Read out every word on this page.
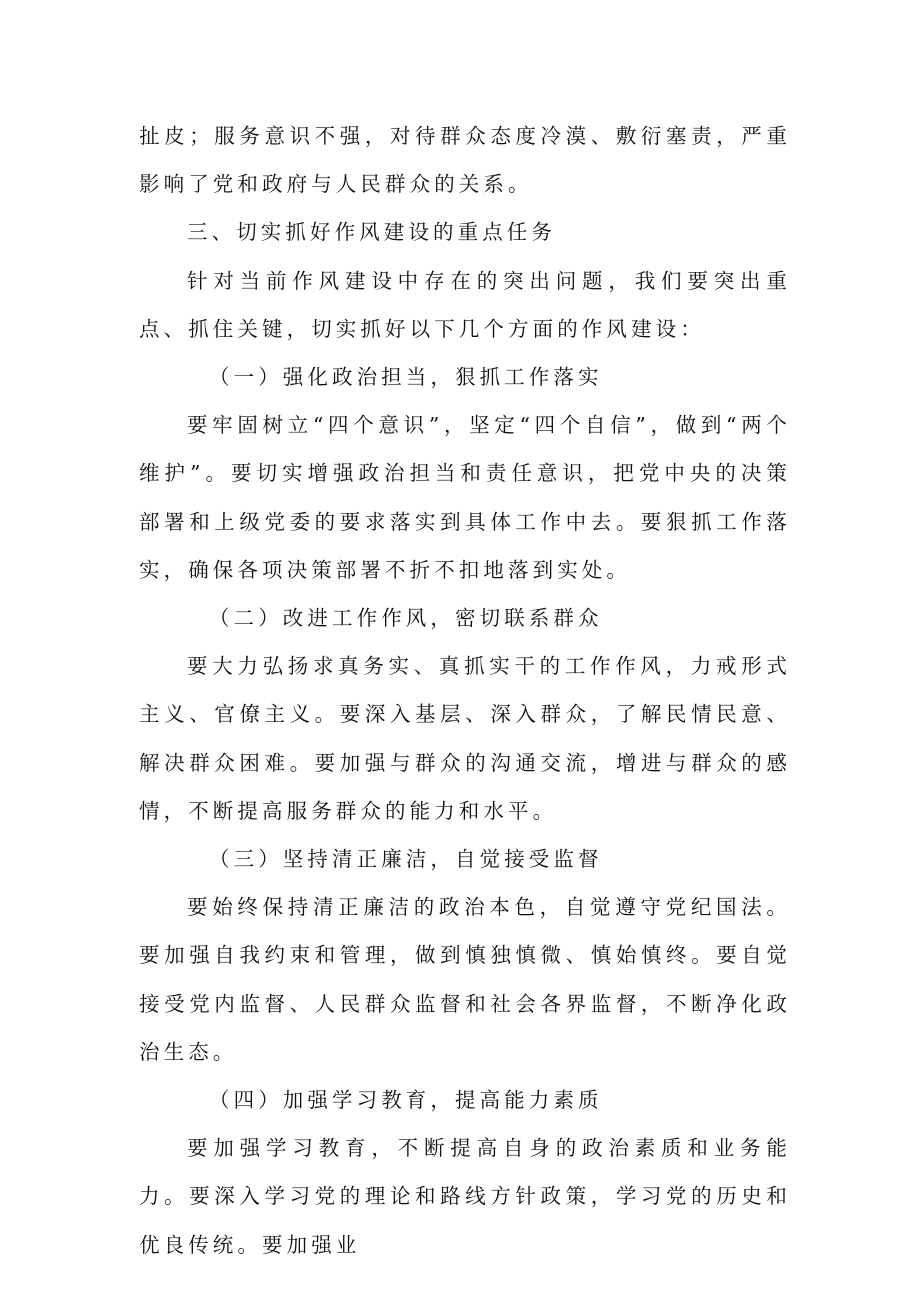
扯皮；服务意识不强，对待群众态度冷漠、敷衍塞责，严重影响了党和政府与人民群众的关系。

三、切实抓好作风建设的重点任务

针对当前作风建设中存在的突出问题，我们要突出重点、抓住关键，切实抓好以下几个方面的作风建设：

（一）强化政治担当，狠抓工作落实

要牢固树立“四个意识”，坚定“四个自信”，做到“两个维护”。要切实增强政治担当和责任意识，把党中央的决策部署和上级党委的要求落实到具体工作中去。要狠抓工作落实，确保各项决策部署不折不扣地落到实处。

（二）改进工作作风，密切联系群众

要大力弘扬求真务实、真抓实干的工作作风，力戒形式主义、官僚主义。要深入基层、深入群众，了解民情民意、解决群众困难。要加强与群众的沟通交流，增进与群众的感情，不断提高服务群众的能力和水平。

（三）坚持清正廉洁，自觉接受监督

要始终保持清正廉洁的政治本色，自觉遵守党纪国法。要加强自我约束和管理，做到慎独慎微、慎始慎终。要自觉接受党内监督、人民群众监督和社会各界监督，不断净化政治生态。

（四）加强学习教育，提高能力素质

要加强学习教育，不断提高自身的政治素质和业务能力。要深入学习党的理论和路线方针政策，学习党的历史和优良传统。要加强业
